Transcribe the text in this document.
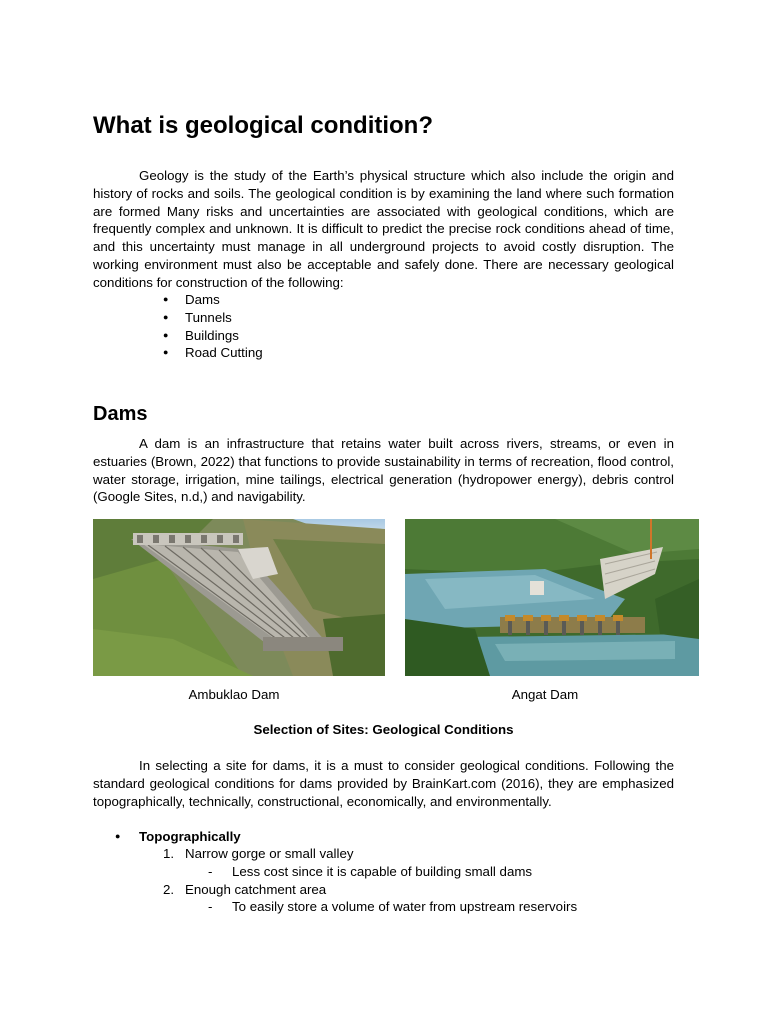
What is geological condition?

Geology is the study of the Earth’s physical structure which also include the origin and history of rocks and soils. The geological condition is by examining the land where such formation are formed Many risks and uncertainties are associated with geological conditions, which are frequently complex and unknown. It is difficult to predict the precise rock conditions ahead of time, and this uncertainty must manage in all underground projects to avoid costly disruption. The working environment must also be acceptable and safely done. There are necessary geological conditions for construction of the following:

● Dams
● Tunnels
● Buildings
● Road Cutting
Dams

A dam is an infrastructure that retains water built across rivers, streams, or even in estuaries (Brown, 2022) that functions to provide sustainability in terms of recreation, flood control, water storage, irrigation, mine tailings, electrical generation (hydropower energy), debris control (Google Sites, n.d,) and navigability.

Ambuklao Dam	Angat Dam
Selection of Sites: Geological Conditions

In selecting a site for dams, it is a must to consider geological conditions. Following the standard geological conditions for dams provided by BrainKart.com (2016), they are emphasized topographically, technically, constructional, economically, and environmentally.

● Topographically
1. Narrow gorge or small valley
- Less cost since it is capable of building small dams
2. Enough catchment area
- To easily store a volume of water from upstream reservoirs
